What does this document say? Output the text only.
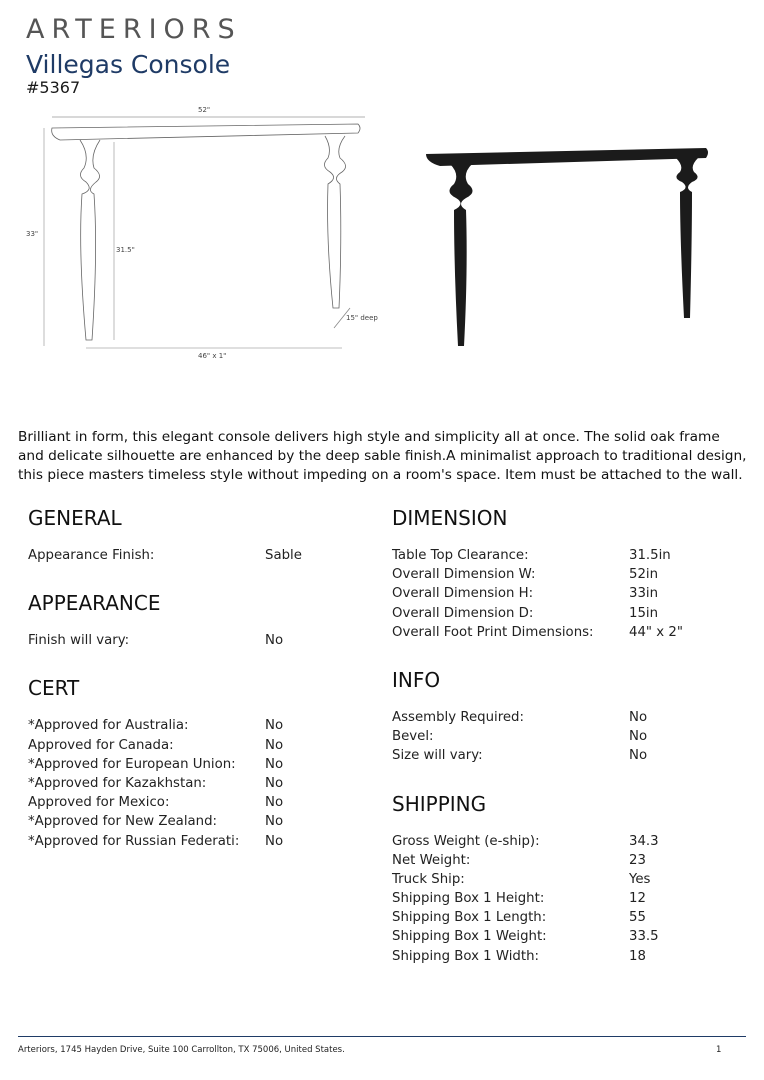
ARTERIORS
Villegas Console
#5367
52"
33"
31.5"
15" deep
46" x 1"
Brilliant in form, this elegant console delivers high style and simplicity all at once. The solid oak frame and delicate silhouette are enhanced by the deep sable finish.A minimalist approach to traditional design, this piece masters timeless style without impeding on a room's space. Item must be attached to the wall.
GENERAL
Appearance Finish:	Sable
APPEARANCE
Finish will vary:	No
CERT
*Approved for Australia:	No
Approved for Canada:	No
*Approved for European Union: No
*Approved for Kazakhstan:	No
Approved for Mexico:	No
*Approved for New Zealand:	No
*Approved for Russian Federati: No
DIMENSION
Table Top Clearance:	31.5in
Overall Dimension W:	52in
Overall Dimension H:	33in
Overall Dimension D:	15in
Overall Foot Print Dimensions:	44" x 2"
INFO
Assembly Required:	No
Bevel:	No
Size will vary:	No
SHIPPING
Gross Weight (e-ship):	34.3
Net Weight:	23
Truck Ship:	Yes
Shipping Box 1 Height:	12
Shipping Box 1 Length:	55
Shipping Box 1 Weight:	33.5
Shipping Box 1 Width:	18
Arteriors, 1745 Hayden Drive, Suite 100 Carrollton, TX 75006, United States.	1
